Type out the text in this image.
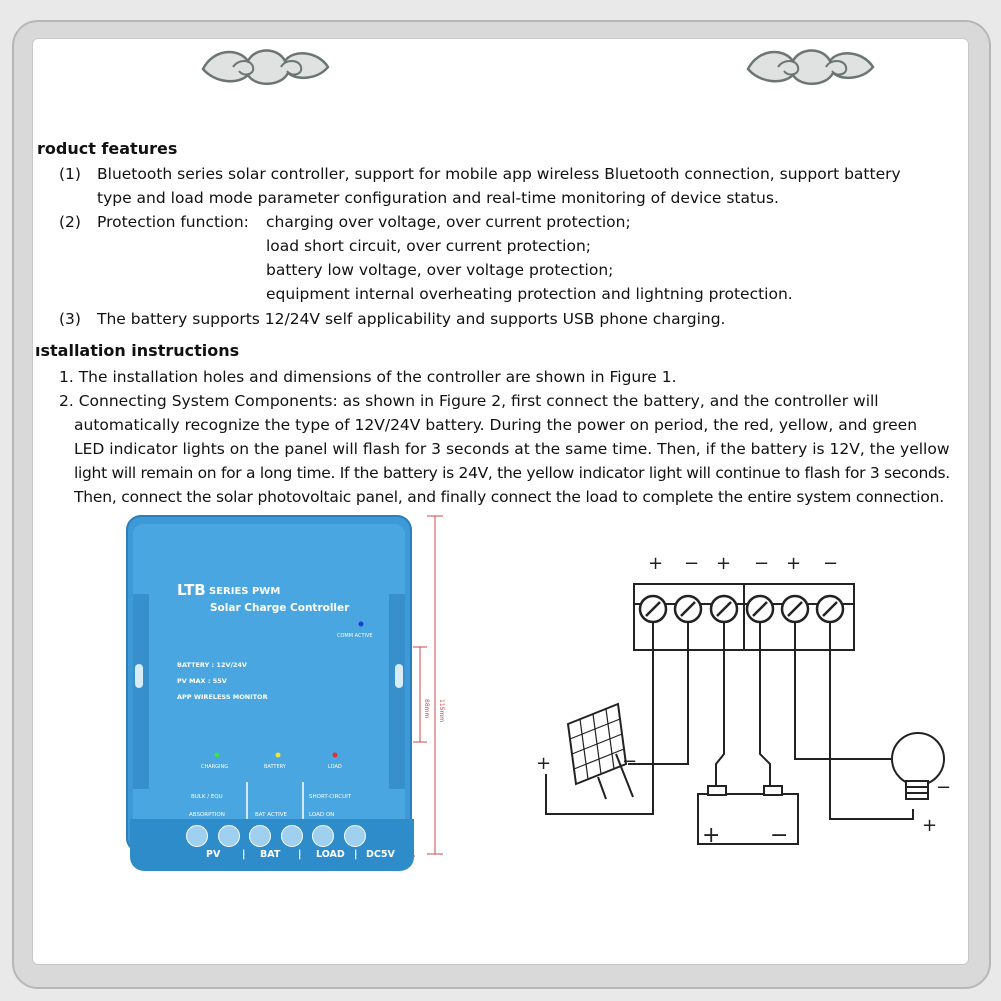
roduct features
(1) Bluetooth series solar controller, support for mobile app wireless Bluetooth connection, support battery
type and load mode parameter configuration and real-time monitoring of device status.
(2) Protection function: charging over voltage, over current protection;
load short circuit, over current protection;
battery low voltage, over voltage protection;
equipment internal overheating protection and lightning protection.
(3) The battery supports 12/24V self applicability and supports USB phone charging.
ıstallation instructions
1. The installation holes and dimensions of the controller are shown in Figure 1.
2. Connecting System Components: as shown in Figure 2, first connect the battery, and the controller will
automatically recognize the type of 12V/24V battery. During the power on period, the red, yellow, and green
LED indicator lights on the panel will flash for 3 seconds at the same time. Then, if the battery is 12V, the yellow
light will remain on for a long time. If the battery is 24V, the yellow indicator light will continue to flash for 3 seconds.
Then, connect the solar photovoltaic panel, and finally connect the load to complete the entire system connection.
88mm 115mm
LTB SERIES PWM
Solar Charge Controller
COMM ACTIVE
BATTERY : 12V/24V
PV MAX : 55V
APP WIRELESS MONITOR
CHARGING	BATTERY	LOAD
BULK / EQU
ABSORPTION	BAT ACTIVE
SHORT-CIRCUIT
LOAD ON
PV | BAT | LOAD | DC5V
+ − + − + −
+	−
+ −
−
+
